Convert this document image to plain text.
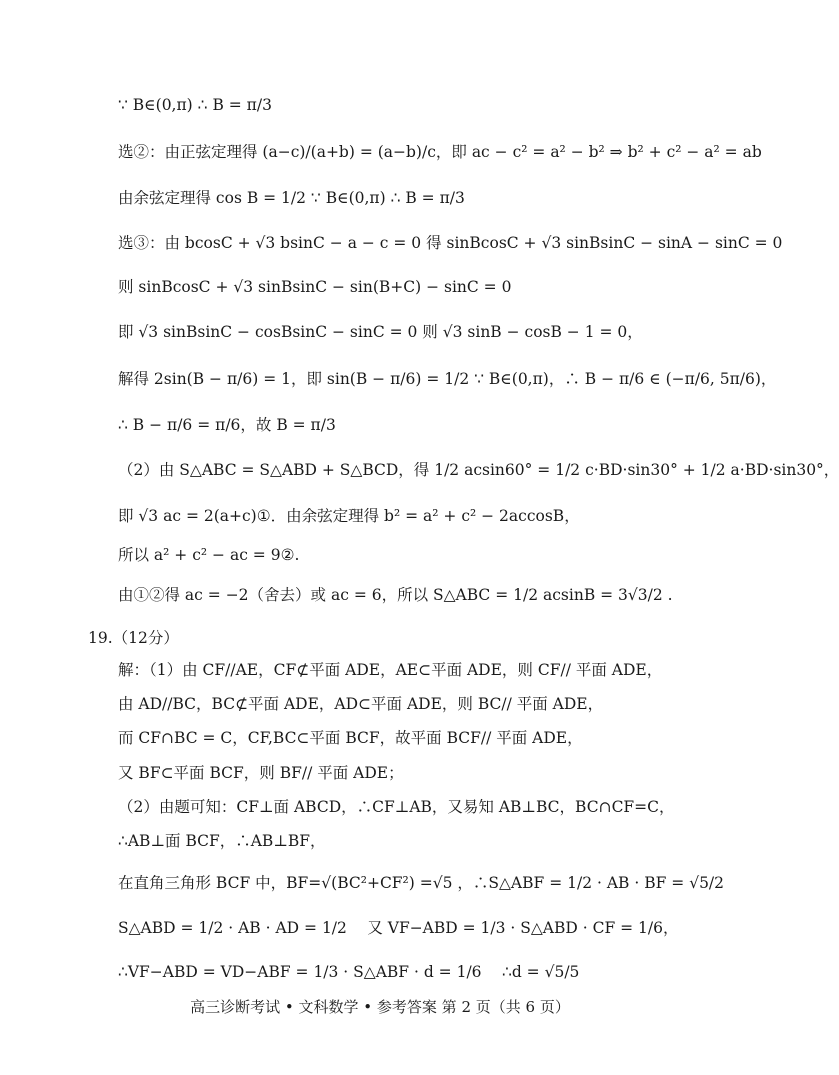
∵ B∈(0,π) ∴ B = π/3
选②：由正弦定理得 (a−c)/(a+b) = (a−b)/c，即 ac − c² = a² − b² ⇒ b² + c² − a² = ab
由余弦定理得 cos B = 1/2 ∵ B∈(0,π) ∴ B = π/3
选③：由 bcosC + √3 bsinC − a − c = 0 得 sinBcosC + √3 sinBsinC − sinA − sinC = 0
则 sinBcosC + √3 sinBsinC − sin(B+C) − sinC = 0
即 √3 sinBsinC − cosBsinC − sinC = 0 则 √3 sinB − cosB − 1 = 0，
解得 2sin(B − π/6) = 1，即 sin(B − π/6) = 1/2 ∵ B∈(0,π)，∴ B − π/6 ∈ (−π/6, 5π/6)，
∴ B − π/6 = π/6，故 B = π/3
（2）由 S△ABC = S△ABD + S△BCD，得 1/2 acsin60° = 1/2 c·BD·sin30° + 1/2 a·BD·sin30°，
即 √3 ac = 2(a+c)①．由余弦定理得 b² = a² + c² − 2accosB，
所以 a² + c² − ac = 9②.
由①②得 ac = −2（舍去）或 ac = 6，所以 S△ABC = 1/2 acsinB = 3√3/2 .
19.（12分）
解：（1）由 CF//AE，CF⊄平面 ADE，AE⊂平面 ADE，则 CF// 平面 ADE，
由 AD//BC，BC⊄平面 ADE，AD⊂平面 ADE，则 BC// 平面 ADE，
而 CF∩BC = C，CF,BC⊂平面 BCF，故平面 BCF// 平面 ADE，
又 BF⊂平面 BCF，则 BF// 平面 ADE；
（2）由题可知：CF⊥面 ABCD，∴CF⊥AB，又易知 AB⊥BC，BC∩CF=C，
∴AB⊥面 BCF，∴AB⊥BF，
在直角三角形 BCF 中，BF=√(BC²+CF²) =√5 ，∴S△ABF = 1/2 · AB · BF = √5/2
S△ABD = 1/2 · AB · AD = 1/2 　又 VF−ABD = 1/3 · S△ABD · CF = 1/6，
∴VF−ABD = VD−ABF = 1/3 · S△ABF · d = 1/6 　∴d = √5/5
高三诊断考试 • 文科数学 • 参考答案 第 2 页（共 6 页）
